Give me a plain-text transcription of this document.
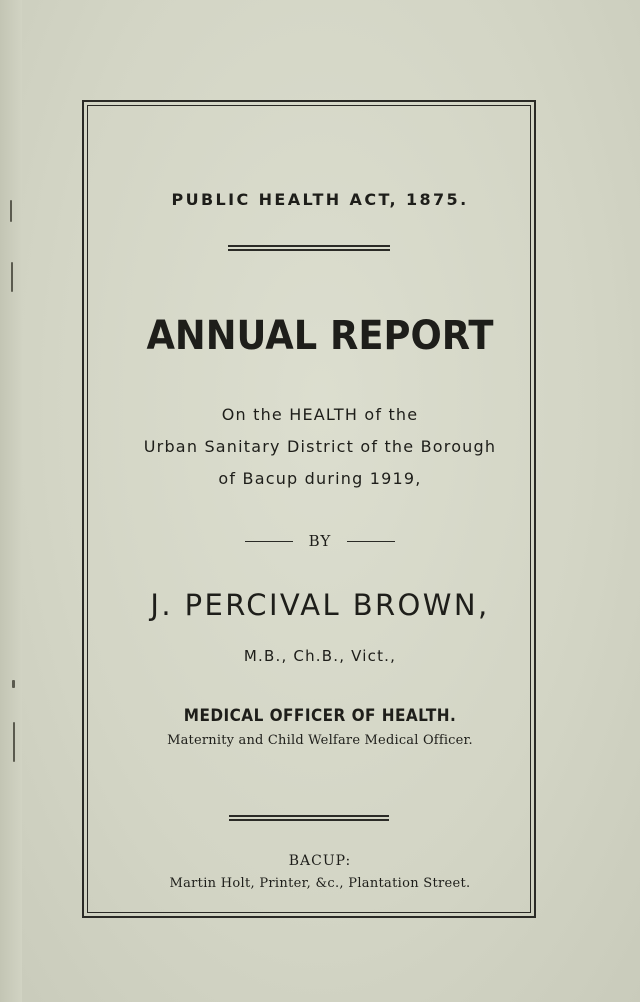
PUBLIC HEALTH ACT, 1875.
ANNUAL REPORT
On the HEALTH of the
Urban Sanitary District of the Borough
of Bacup during 1919,
BY
J. PERCIVAL BROWN,
M.B., Ch.B., Vict.,
MEDICAL OFFICER OF HEALTH.
Maternity and Child Welfare Medical Officer.
BACUP:
Martin Holt, Printer, &c., Plantation Street.
